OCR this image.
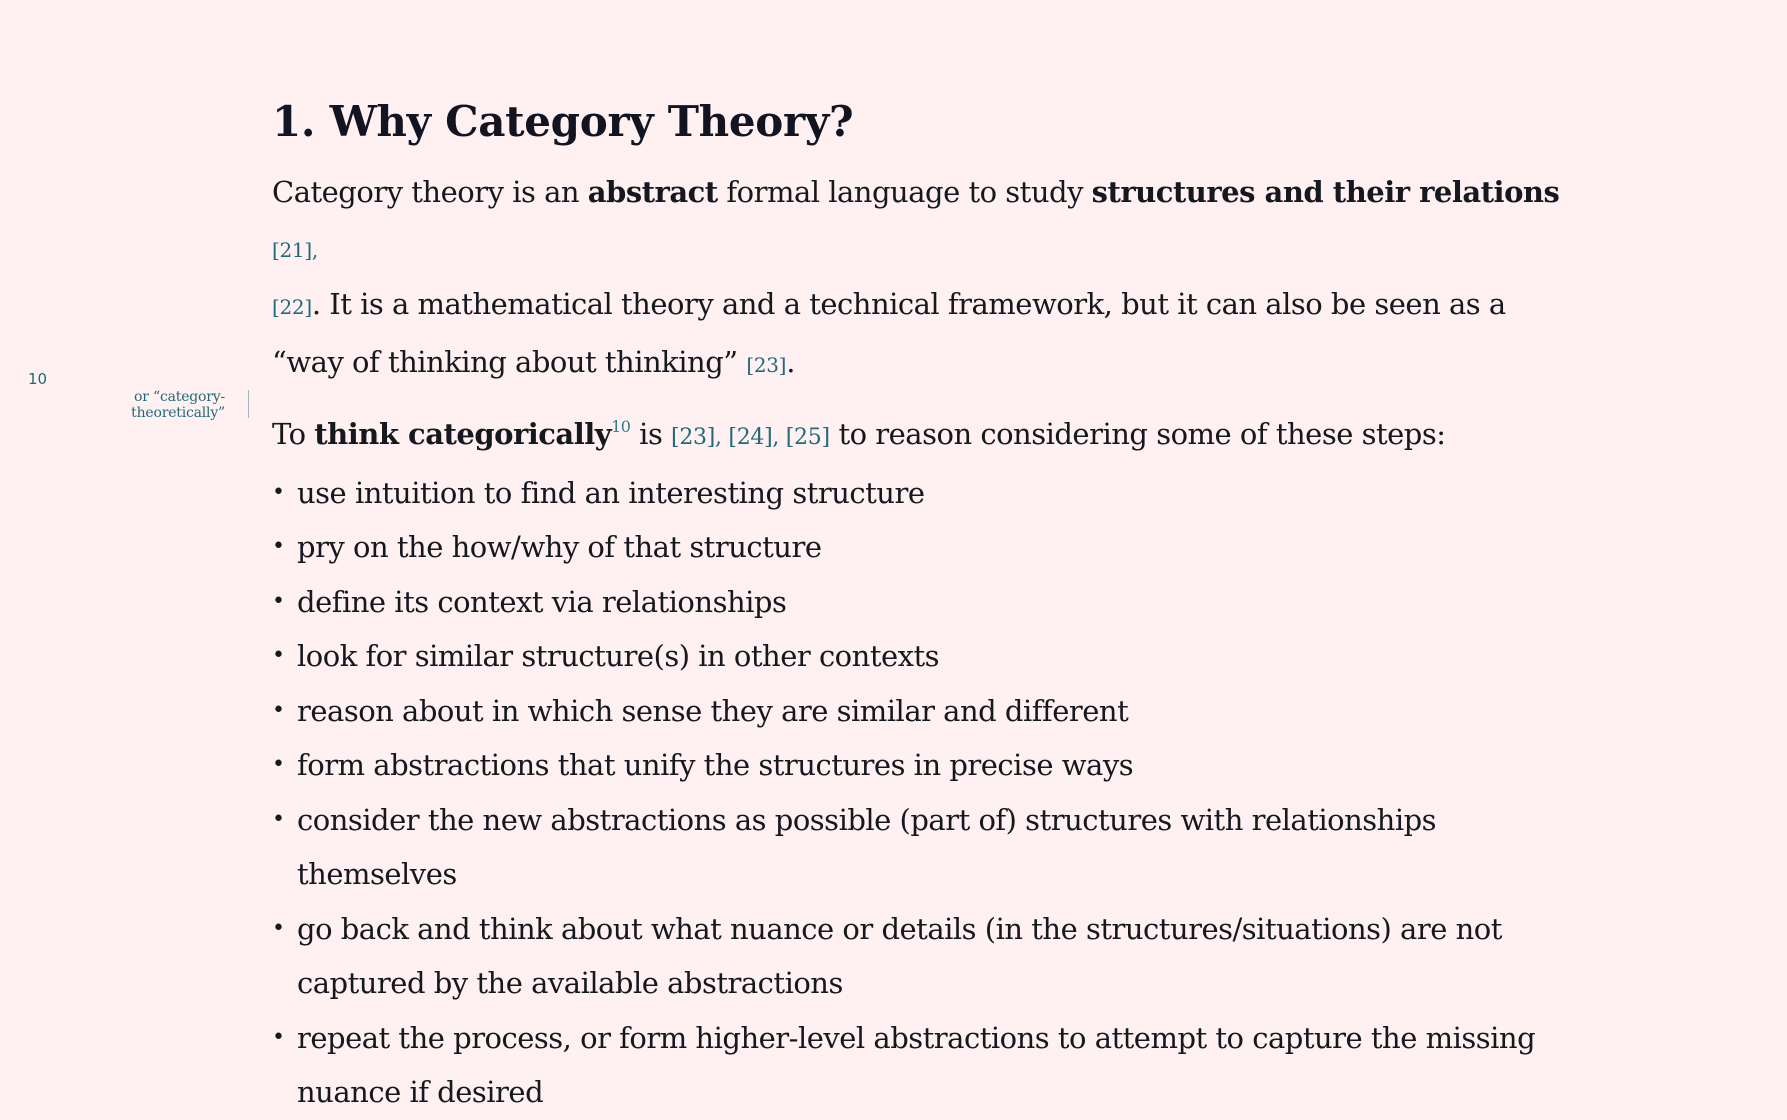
10
or “category-theoretically”
1. Why Category Theory?

Category theory is an abstract formal language to study structures and their relations [21],
[22]. It is a mathematical theory and a technical framework, but it can also be seen as a “way of thinking about thinking” [23].

To think categorically$^{10}$ is [23], [24], [25] to reason considering some of these steps:

• use intuition to find an interesting structure
• pry on the how/why of that structure
• define its context via relationships
• look for similar structure(s) in other contexts
• reason about in which sense they are similar and different
• form abstractions that unify the structures in precise ways
• consider the new abstractions as possible (part of) structures with relationships themselves
• go back and think about what nuance or details (in the structures/situations) are not captured by the available abstractions
• repeat the process, or form higher-level abstractions to attempt to capture the missing nuance if desired
